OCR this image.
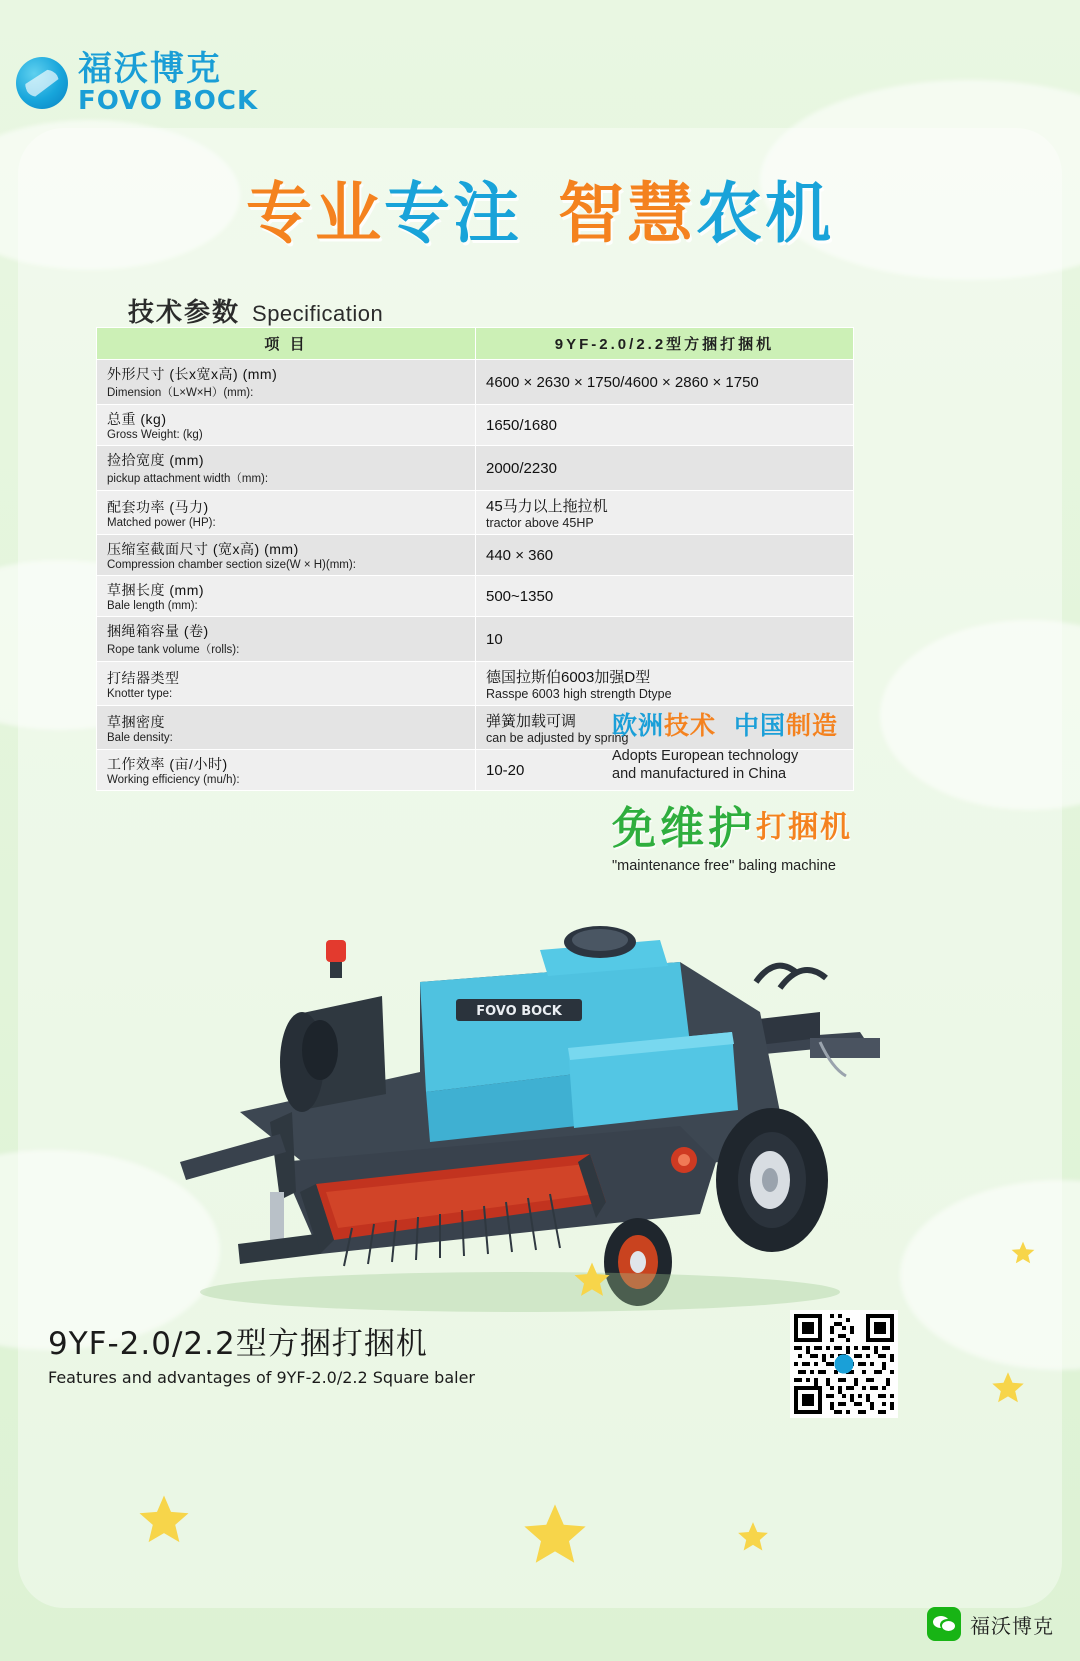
福沃博克
FOVO BOCK
专业专注 智慧农机
技术参数 Specification
项 目	9YF-2.0/2.2型方捆打捆机

外形尺寸 (长x宽x高) (mm)
Dimension（L×W×H）(mm):	4600 × 2630 × 1750/4600 × 2860 × 1750

总重 (kg)
Gross Weight: (kg)	1650/1680

捡拾宽度 (mm)
pickup attachment width（mm):	2000/2230

配套功率 (马力)
Matched power (HP):	45马力以上拖拉机
tractor above 45HP

压缩室截面尺寸 (宽x高) (mm)
Compression chamber section size(W × H)(mm):	440 × 360

草捆长度 (mm)
Bale length (mm):	500~1350

捆绳箱容量 (卷)
Rope tank volume（rolls):	10

打结器类型
Knotter type:	德国拉斯伯6003加强D型
Rasspe 6003 high strength Dtype

草捆密度
Bale density:	弹簧加载可调
can be adjusted by spring

工作效率 (亩/小时)
Working efficiency (mu/h):	10-20
欧洲技术 中国制造
Adopts European technology
and manufactured in China
免维护打捆机
"maintenance free" baling machine
FOVO BOCK
9YF-2.0/2.2型方捆打捆机
Features and advantages of 9YF-2.0/2.2 Square baler
福沃博克
